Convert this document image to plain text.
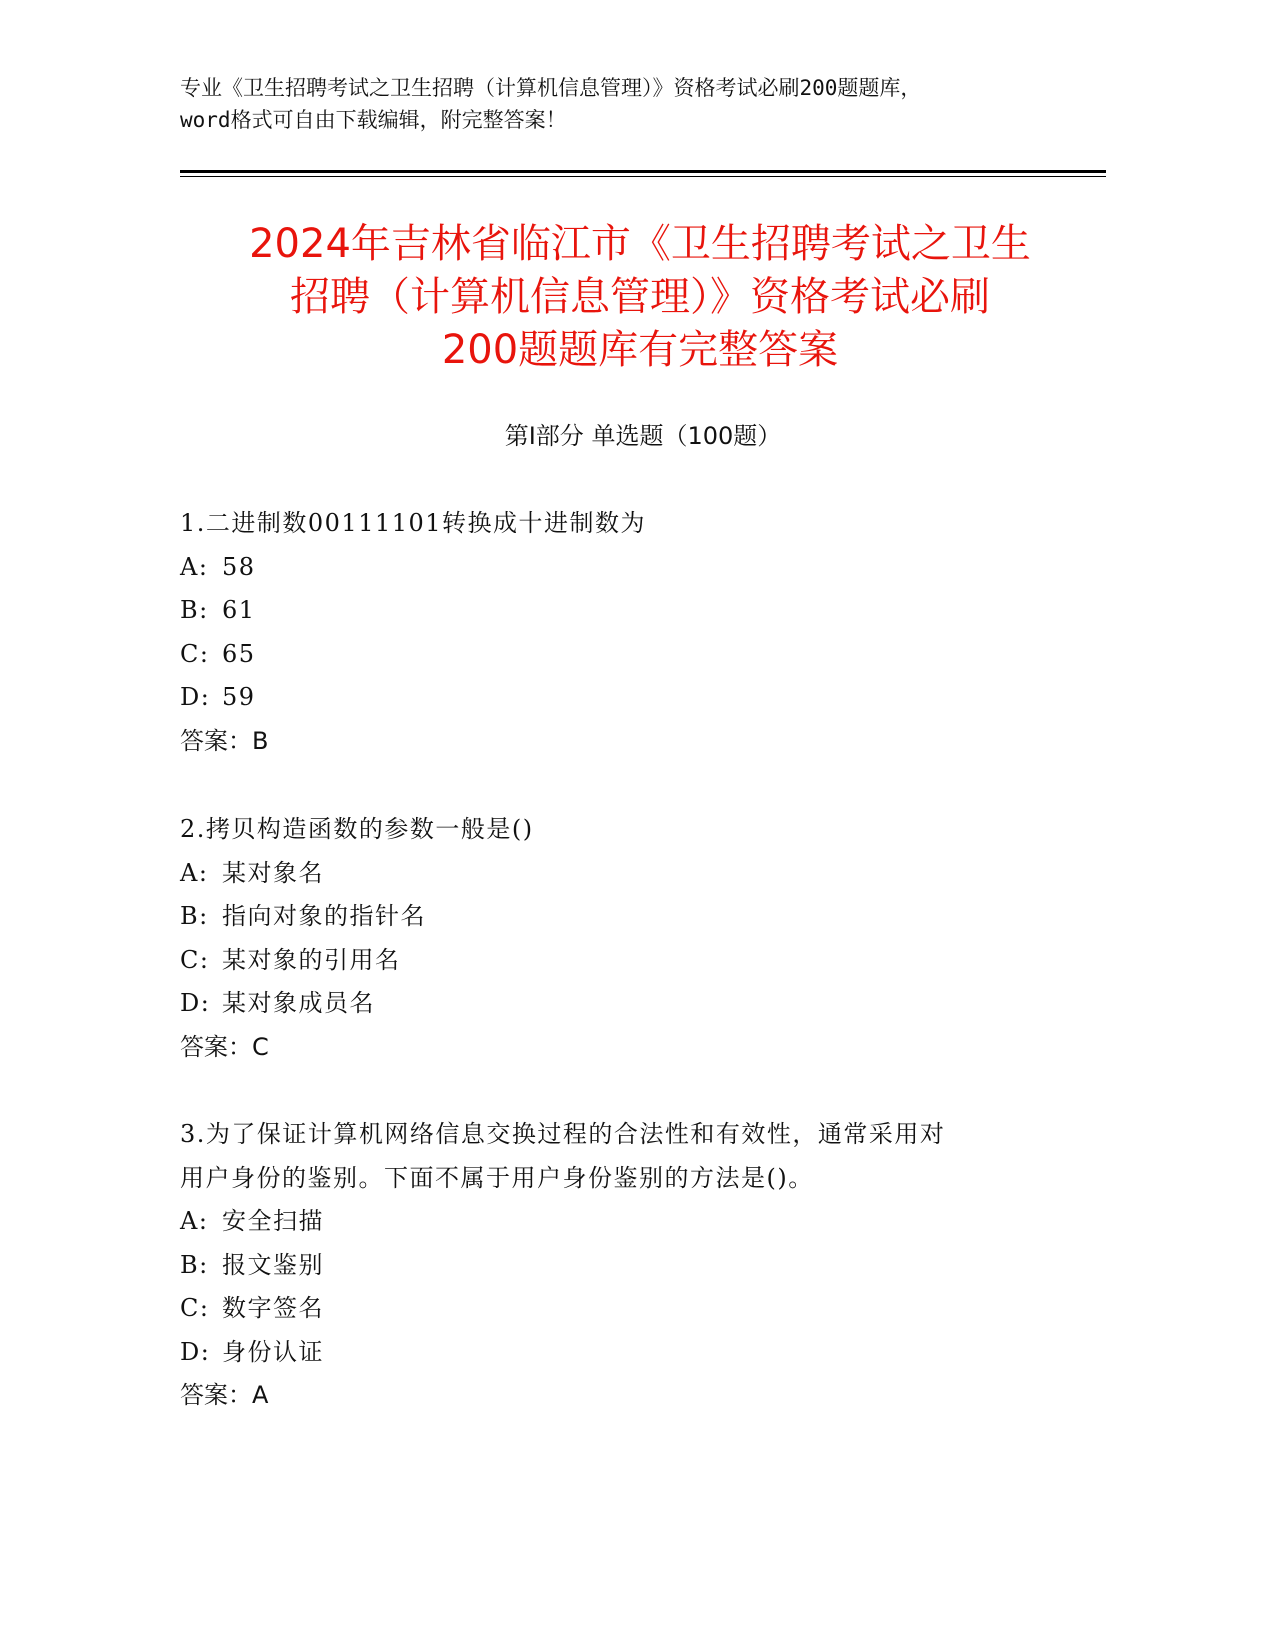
专业《卫生招聘考试之卫生招聘（计算机信息管理）》资格考试必刷200题题库，
word格式可自由下载编辑，附完整答案！
2024年吉林省临江市《卫生招聘考试之卫生
招聘（计算机信息管理）》资格考试必刷
200题题库有完整答案
第Ⅰ部分 单选题（100题）
1.二进制数00111101转换成十进制数为
A: 58
B: 61
C: 65
D: 59
答案：B
2.拷贝构造函数的参数一般是()
A: 某对象名
B: 指向对象的指针名
C: 某对象的引用名
D: 某对象成员名
答案：C
3.为了保证计算机网络信息交换过程的合法性和有效性，通常采用对
用户身份的鉴别。下面不属于用户身份鉴别的方法是()。
A: 安全扫描
B: 报文鉴别
C: 数字签名
D: 身份认证
答案：A
